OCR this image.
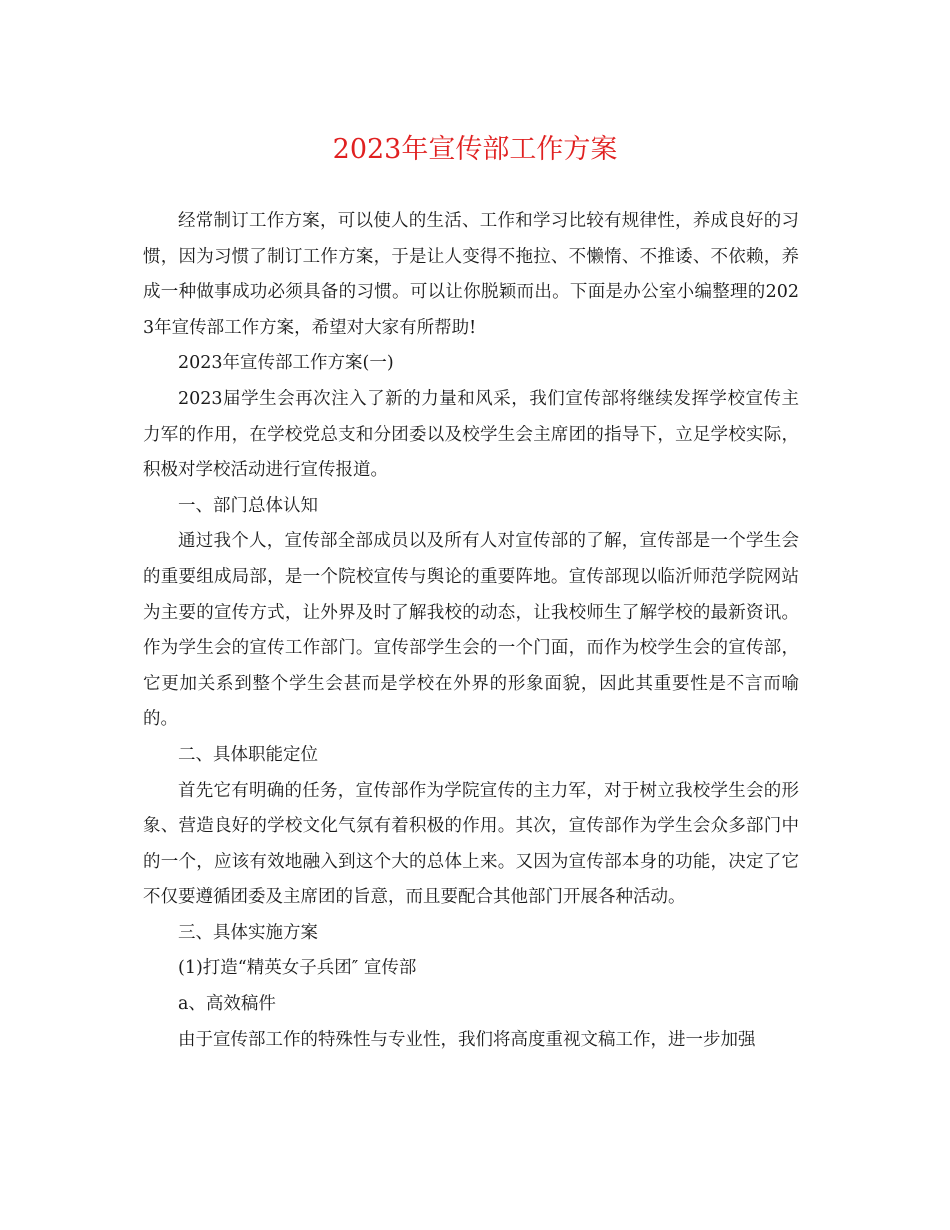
2023年宣传部工作方案

经常制订工作方案，可以使人的生活、工作和学习比较有规律性，养成良好的习惯，因为习惯了制订工作方案，于是让人变得不拖拉、不懒惰、不推诿、不依赖，养成一种做事成功必须具备的习惯。可以让你脱颖而出。下面是办公室小编整理的2023年宣传部工作方案，希望对大家有所帮助!

2023年宣传部工作方案(一)

2023届学生会再次注入了新的力量和风采，我们宣传部将继续发挥学校宣传主力军的作用，在学校党总支和分团委以及校学生会主席团的指导下，立足学校实际，积极对学校活动进行宣传报道。

一、部门总体认知

通过我个人，宣传部全部成员以及所有人对宣传部的了解，宣传部是一个学生会的重要组成局部，是一个院校宣传与舆论的重要阵地。宣传部现以临沂师范学院网站为主要的宣传方式，让外界及时了解我校的动态，让我校师生了解学校的最新资讯。作为学生会的宣传工作部门。宣传部学生会的一个门面，而作为校学生会的宣传部，它更加关系到整个学生会甚而是学校在外界的形象面貌，因此其重要性是不言而喻的。

二、具体职能定位

首先它有明确的任务，宣传部作为学院宣传的主力军，对于树立我校学生会的形象、营造良好的学校文化气氛有着积极的作用。其次，宣传部作为学生会众多部门中的一个，应该有效地融入到这个大的总体上来。又因为宣传部本身的功能，决定了它不仅要遵循团委及主席团的旨意，而且要配合其他部门开展各种活动。

三、具体实施方案

(1)打造“精英女子兵团″ 宣传部

a、高效稿件

由于宣传部工作的特殊性与专业性，我们将高度重视文稿工作，进一步加强
